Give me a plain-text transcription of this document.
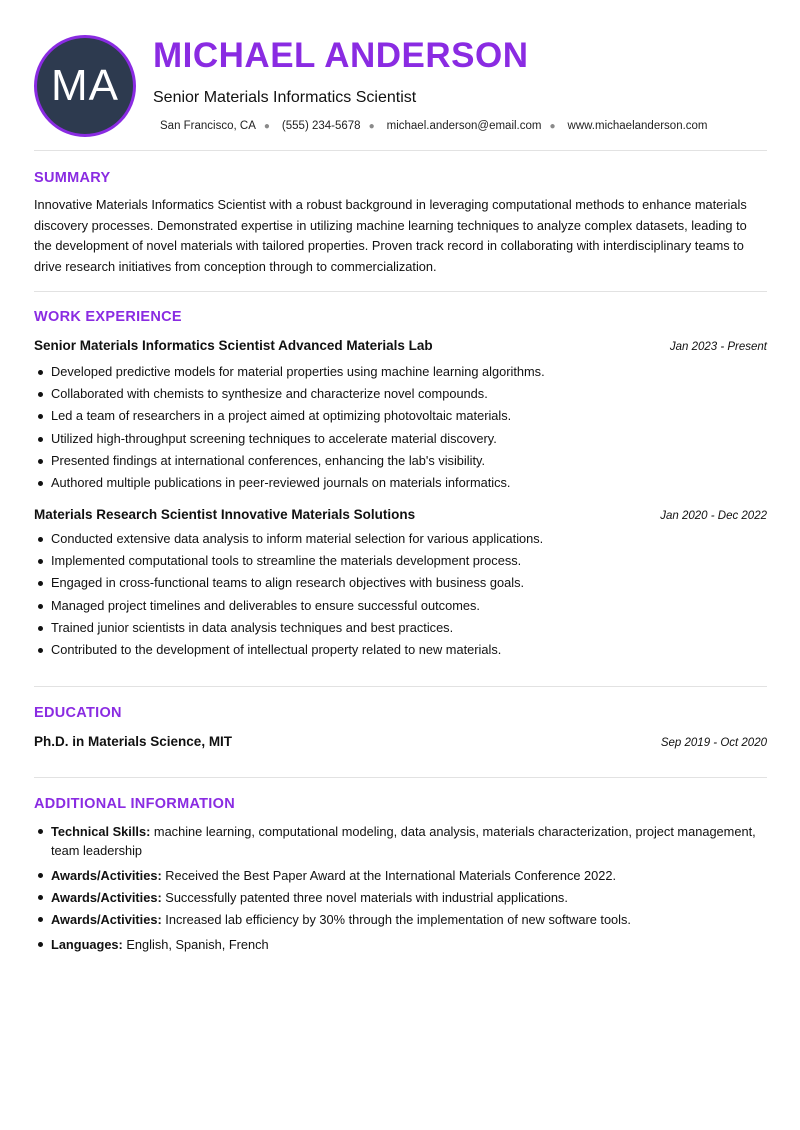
MA
MICHAEL ANDERSON
Senior Materials Informatics Scientist
San Francisco, CA ● (555) 234-5678 ● michael.anderson@email.com ● www.michaelanderson.com
SUMMARY

Innovative Materials Informatics Scientist with a robust background in leveraging computational methods to enhance materials discovery processes. Demonstrated expertise in utilizing machine learning techniques to analyze complex datasets, leading to the development of novel materials with tailored properties. Proven track record in collaborating with interdisciplinary teams to drive research initiatives from conception through to commercialization.

WORK EXPERIENCE
Senior Materials Informatics Scientist Advanced Materials Lab	Jan 2023 - Present
Developed predictive models for material properties using machine learning algorithms.
Collaborated with chemists to synthesize and characterize novel compounds.
Led a team of researchers in a project aimed at optimizing photovoltaic materials.
Utilized high-throughput screening techniques to accelerate material discovery.
Presented findings at international conferences, enhancing the lab's visibility.
Authored multiple publications in peer-reviewed journals on materials informatics.
Materials Research Scientist Innovative Materials Solutions	Jan 2020 - Dec 2022
Conducted extensive data analysis to inform material selection for various applications.
Implemented computational tools to streamline the materials development process.
Engaged in cross-functional teams to align research objectives with business goals.
Managed project timelines and deliverables to ensure successful outcomes.
Trained junior scientists in data analysis techniques and best practices.
Contributed to the development of intellectual property related to new materials.
EDUCATION
Ph.D. in Materials Science, MIT	Sep 2019 - Oct 2020
ADDITIONAL INFORMATION
Technical Skills: machine learning, computational modeling, data analysis, materials characterization, project management, team leadership
Awards/Activities: Received the Best Paper Award at the International Materials Conference 2022.
Awards/Activities: Successfully patented three novel materials with industrial applications.
Awards/Activities: Increased lab efficiency by 30% through the implementation of new software tools.
Languages: English, Spanish, French
